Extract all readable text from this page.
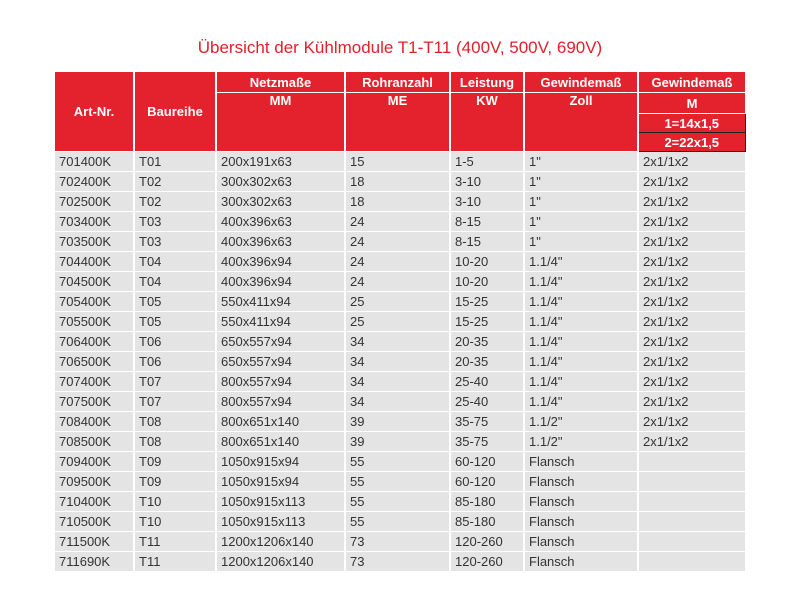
Übersicht der Kühlmodule T1-T11 (400V, 500V, 690V)
Art-Nr.	Baureihe	Netzmaße	Rohranzahl	Leistung	Gewindemaß	Gewindemaß
		MM	ME	KW	Zoll	M
						1=14x1,5
						2=22x1,5
701400K	T01	200x191x63	15	1-5	1"	2x1/1x2
702400K	T02	300x302x63	18	3-10	1"	2x1/1x2
702500K	T02	300x302x63	18	3-10	1"	2x1/1x2
703400K	T03	400x396x63	24	8-15	1"	2x1/1x2
703500K	T03	400x396x63	24	8-15	1"	2x1/1x2
704400K	T04	400x396x94	24	10-20	1.1/4"	2x1/1x2
704500K	T04	400x396x94	24	10-20	1.1/4"	2x1/1x2
705400K	T05	550x411x94	25	15-25	1.1/4"	2x1/1x2
705500K	T05	550x411x94	25	15-25	1.1/4"	2x1/1x2
706400K	T06	650x557x94	34	20-35	1.1/4"	2x1/1x2
706500K	T06	650x557x94	34	20-35	1.1/4"	2x1/1x2
707400K	T07	800x557x94	34	25-40	1.1/4"	2x1/1x2
707500K	T07	800x557x94	34	25-40	1.1/4"	2x1/1x2
708400K	T08	800x651x140	39	35-75	1.1/2"	2x1/1x2
708500K	T08	800x651x140	39	35-75	1.1/2"	2x1/1x2
709400K	T09	1050x915x94	55	60-120	Flansch	
709500K	T09	1050x915x94	55	60-120	Flansch	
710400K	T10	1050x915x113	55	85-180	Flansch	
710500K	T10	1050x915x113	55	85-180	Flansch	
711500K	T11	1200x1206x140	73	120-260	Flansch	
711690K	T11	1200x1206x140	73	120-260	Flansch	
